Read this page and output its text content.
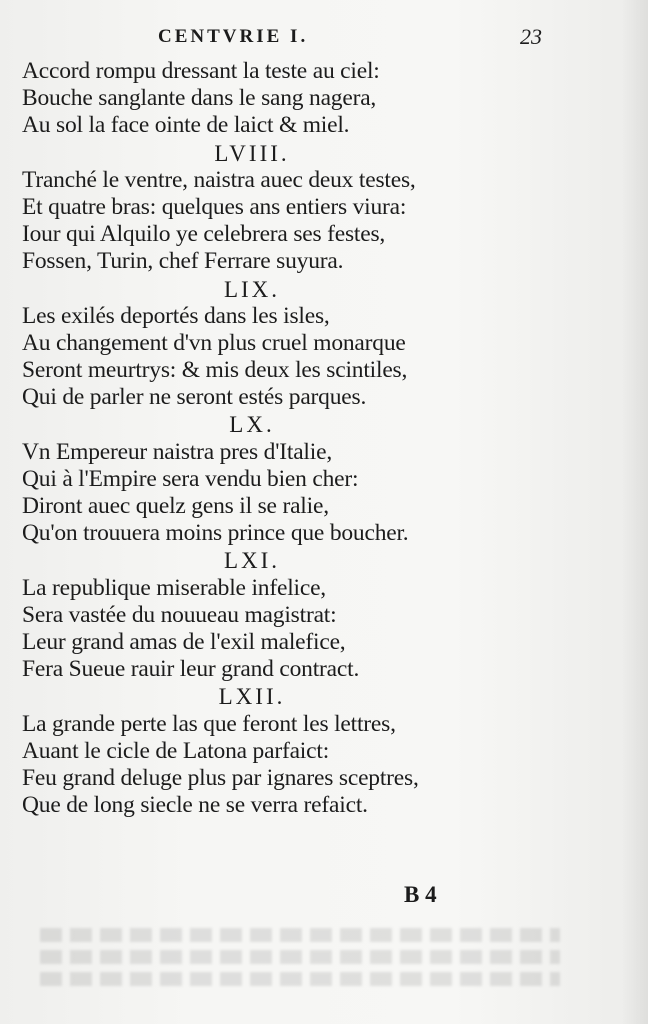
CENTVRIE I.	23
Accord rompu dressant la teste au ciel:
Bouche sanglante dans le sang nagera,
Au sol la face ointe de laict & miel.
LVIII.
Tranché le ventre, naistra auec deux testes,
Et quatre bras: quelques ans entiers viura:
Iour qui Alquilo ye celebrera ses festes,
Fossen, Turin, chef Ferrare suyura.
LIX.
Les exilés deportés dans les isles,
Au changement d'vn plus cruel monarque
Seront meurtrys: & mis deux les scintiles,
Qui de parler ne seront estés parques.
LX.
Vn Empereur naistra pres d'Italie,
Qui à l'Empire sera vendu bien cher:
Diront auec quelz gens il se ralie,
Qu'on trouuera moins prince que boucher.
LXI.
La republique miserable infelice,
Sera vastée du nouueau magistrat:
Leur grand amas de l'exil malefice,
Fera Sueue rauir leur grand contract.
LXII.
La grande perte las que feront les lettres,
Auant le cicle de Latona parfaict:
Feu grand deluge plus par ignares sceptres,
Que de long siecle ne se verra refaict.
B 4
